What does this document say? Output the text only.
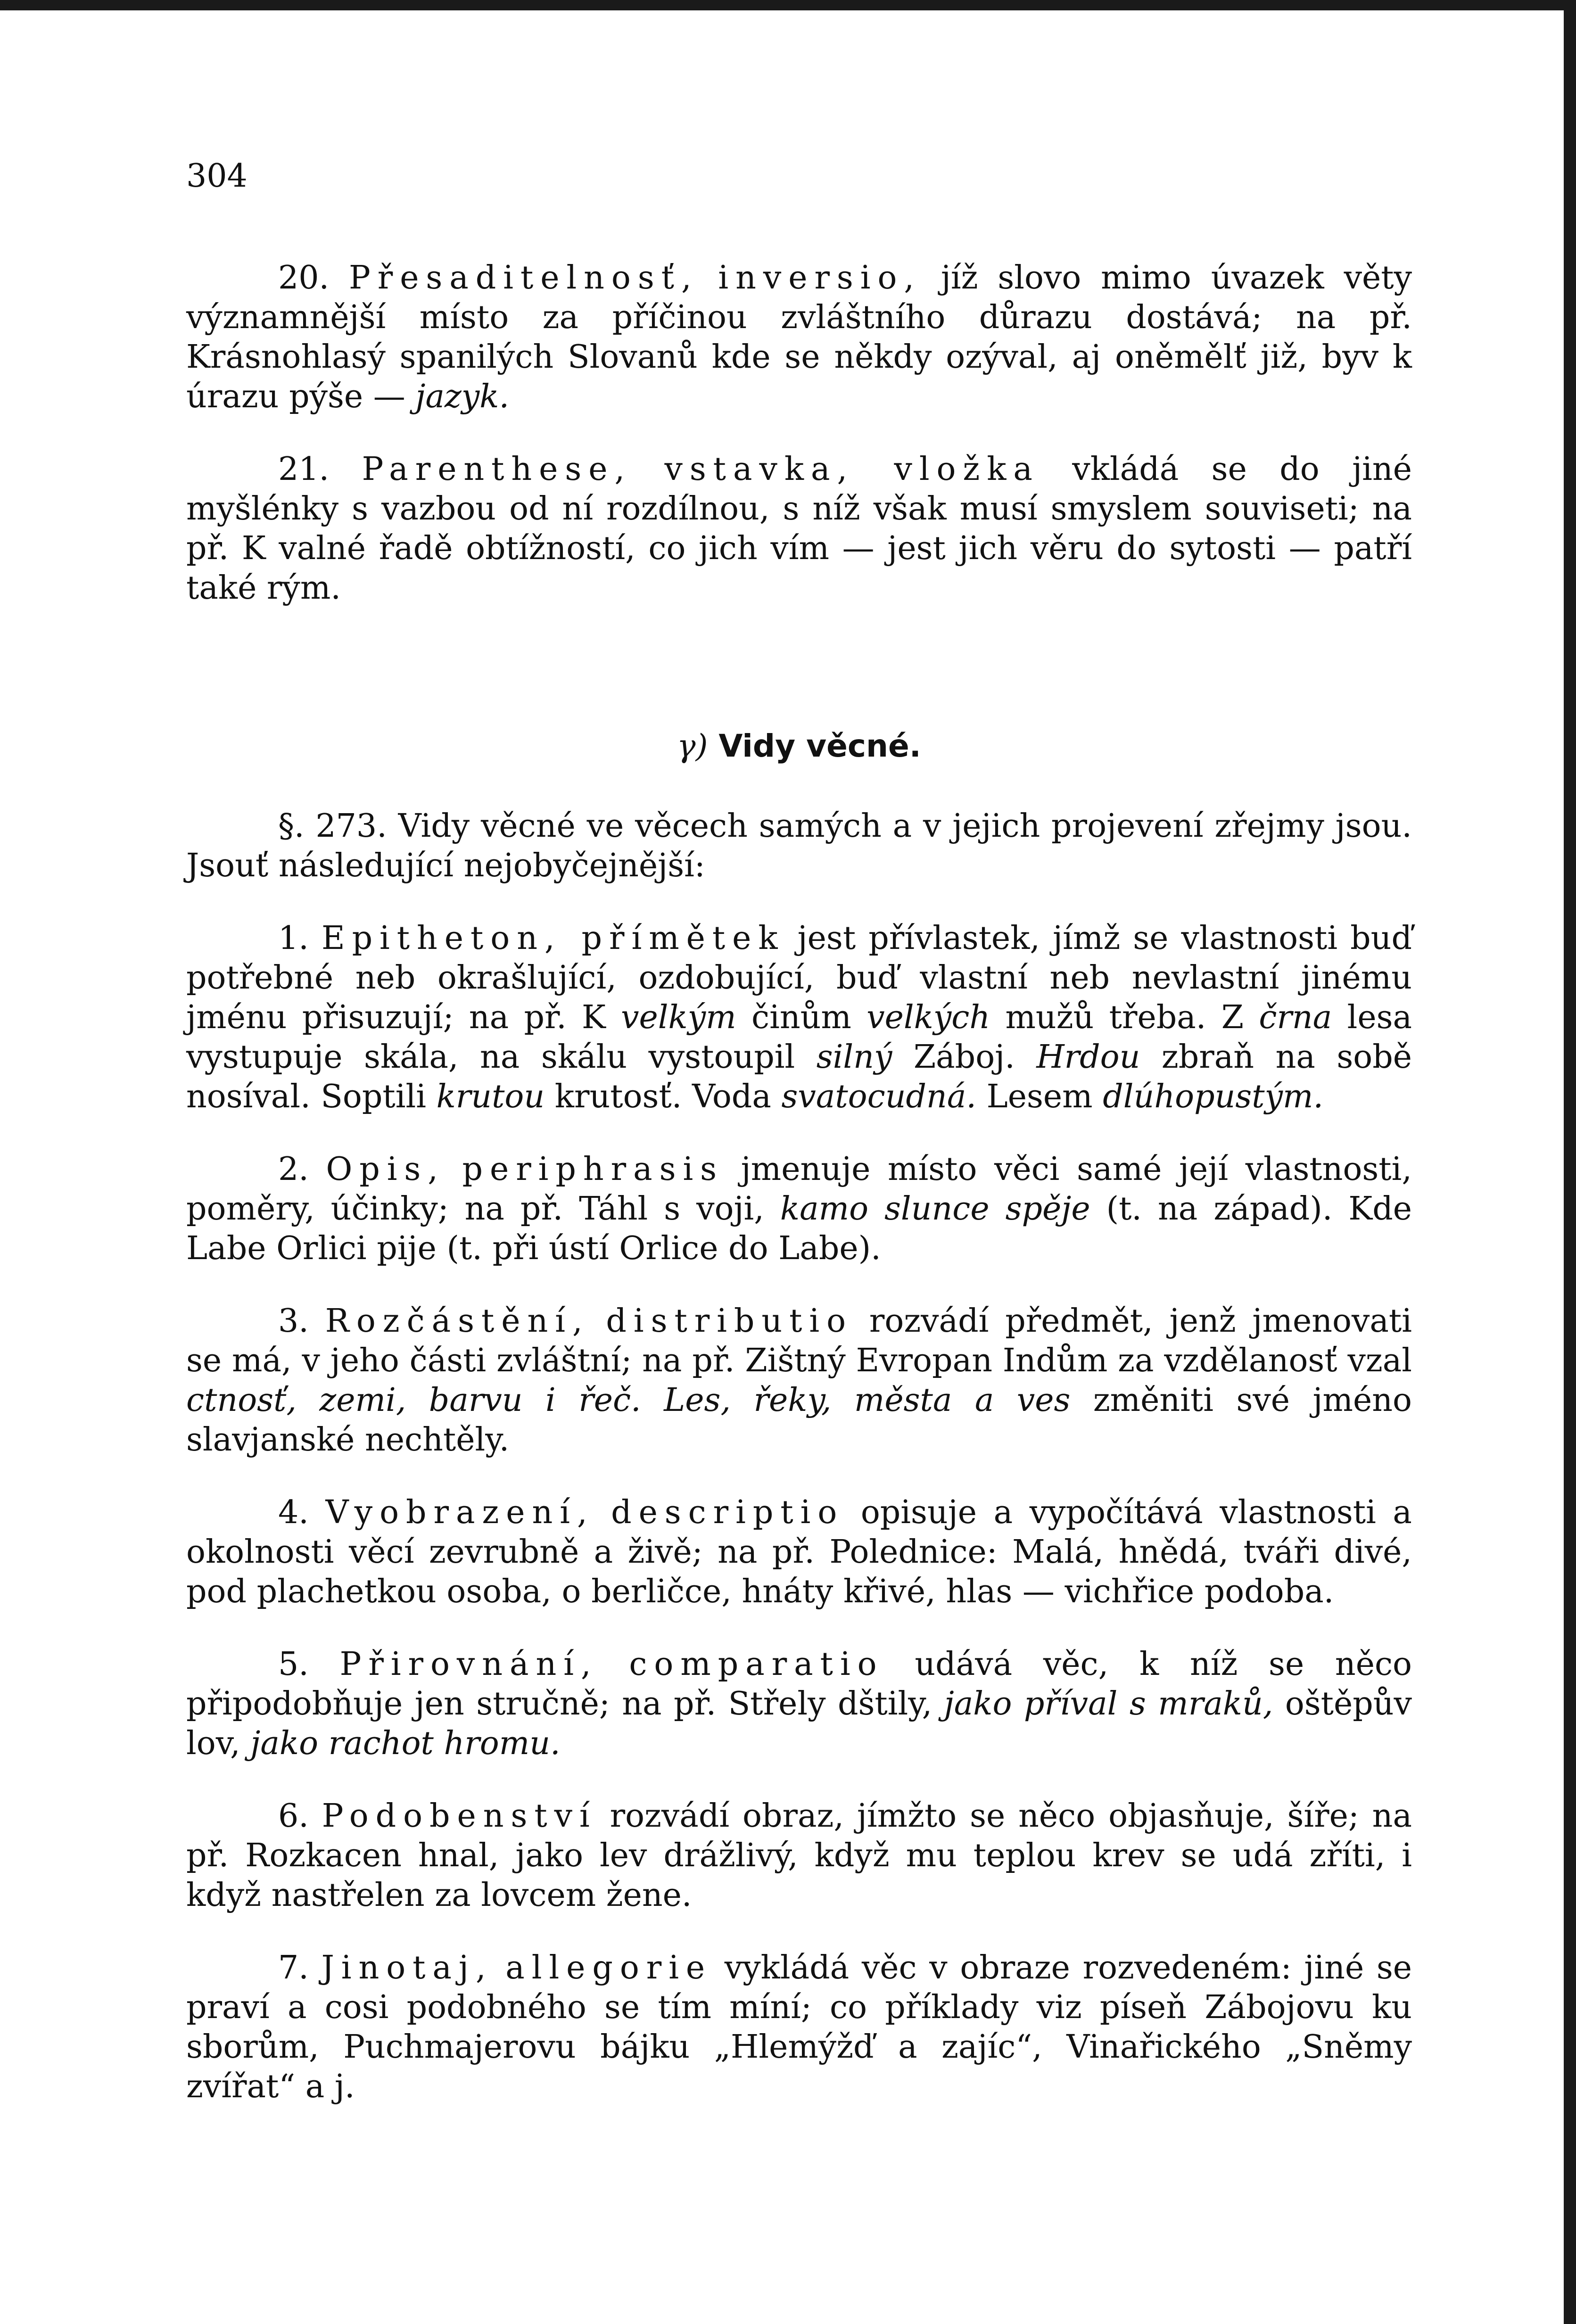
304

20. Přesaditelnosť, inversio, jíž slovo mimo úvazek věty významnější místo za příčinou zvláštního důrazu dostává; na př. Krásnohlasý spanilých Slovanů kde se někdy ozýval, aj oněmělť již, byv k úrazu pýše — jazyk.

21. Parenthese, vstavka, vložka vkládá se do jiné myšlénky s vazbou od ní rozdílnou, s níž však musí smyslem souviseti; na př. K valné řadě obtížností, co jich vím — jest jich věru do sytosti — patří také rým.

γ) Vidy věcné.

§. 273. Vidy věcné ve věcech samých a v jejich projevení zřejmy jsou. Jsouť následující nejobyčejnější:

1. Epitheton, přímětek jest přívlastek, jímž se vlastnosti buď potřebné neb okrašlující, ozdobující, buď vlastní neb nevlastní jinému jménu přisuzují; na př. K velkým činům velkých mužů třeba. Z črna lesa vystupuje skála, na skálu vystoupil silný Záboj. Hrdou zbraň na sobě nosíval. Soptili krutou krutosť. Voda svatocudná. Lesem dlúhopustým.

2. Opis, periphrasis jmenuje místo věci samé její vlastnosti, poměry, účinky; na př. Táhl s voji, kamo slunce spěje (t. na západ). Kde Labe Orlici pije (t. při ústí Orlice do Labe).

3. Rozčástění, distributio rozvádí předmět, jenž jmenovati se má, v jeho části zvláštní; na př. Zištný Evropan Indům za vzdělanosť vzal ctnosť, zemi, barvu i řeč. Les, řeky, města a ves změniti své jméno slavjanské nechtěly.

4. Vyobrazení, descriptio opisuje a vypočítává vlastnosti a okolnosti věcí zevrubně a živě; na př. Polednice: Malá, hnědá, tváři divé, pod plachetkou osoba, o berličce, hnáty křivé, hlas — vichřice podoba.

5. Přirovnání, comparatio udává věc, k níž se něco připodobňuje jen stručně; na př. Střely dštily, jako příval s mraků, oštěpův lov, jako rachot hromu.

6. Podobenství rozvádí obraz, jímžto se něco objasňuje, šíře; na př. Rozkacen hnal, jako lev drážlivý, když mu teplou krev se udá zříti, i když nastřelen za lovcem žene.

7. Jinotaj, allegorie vykládá věc v obraze rozvedeném: jiné se praví a cosi podobného se tím míní; co příklady viz píseň Zábojovu ku sborům, Puchmajerovu bájku „Hlemýžď a zajíc“, Vinařického „Sněmy zvířat“ a j.
